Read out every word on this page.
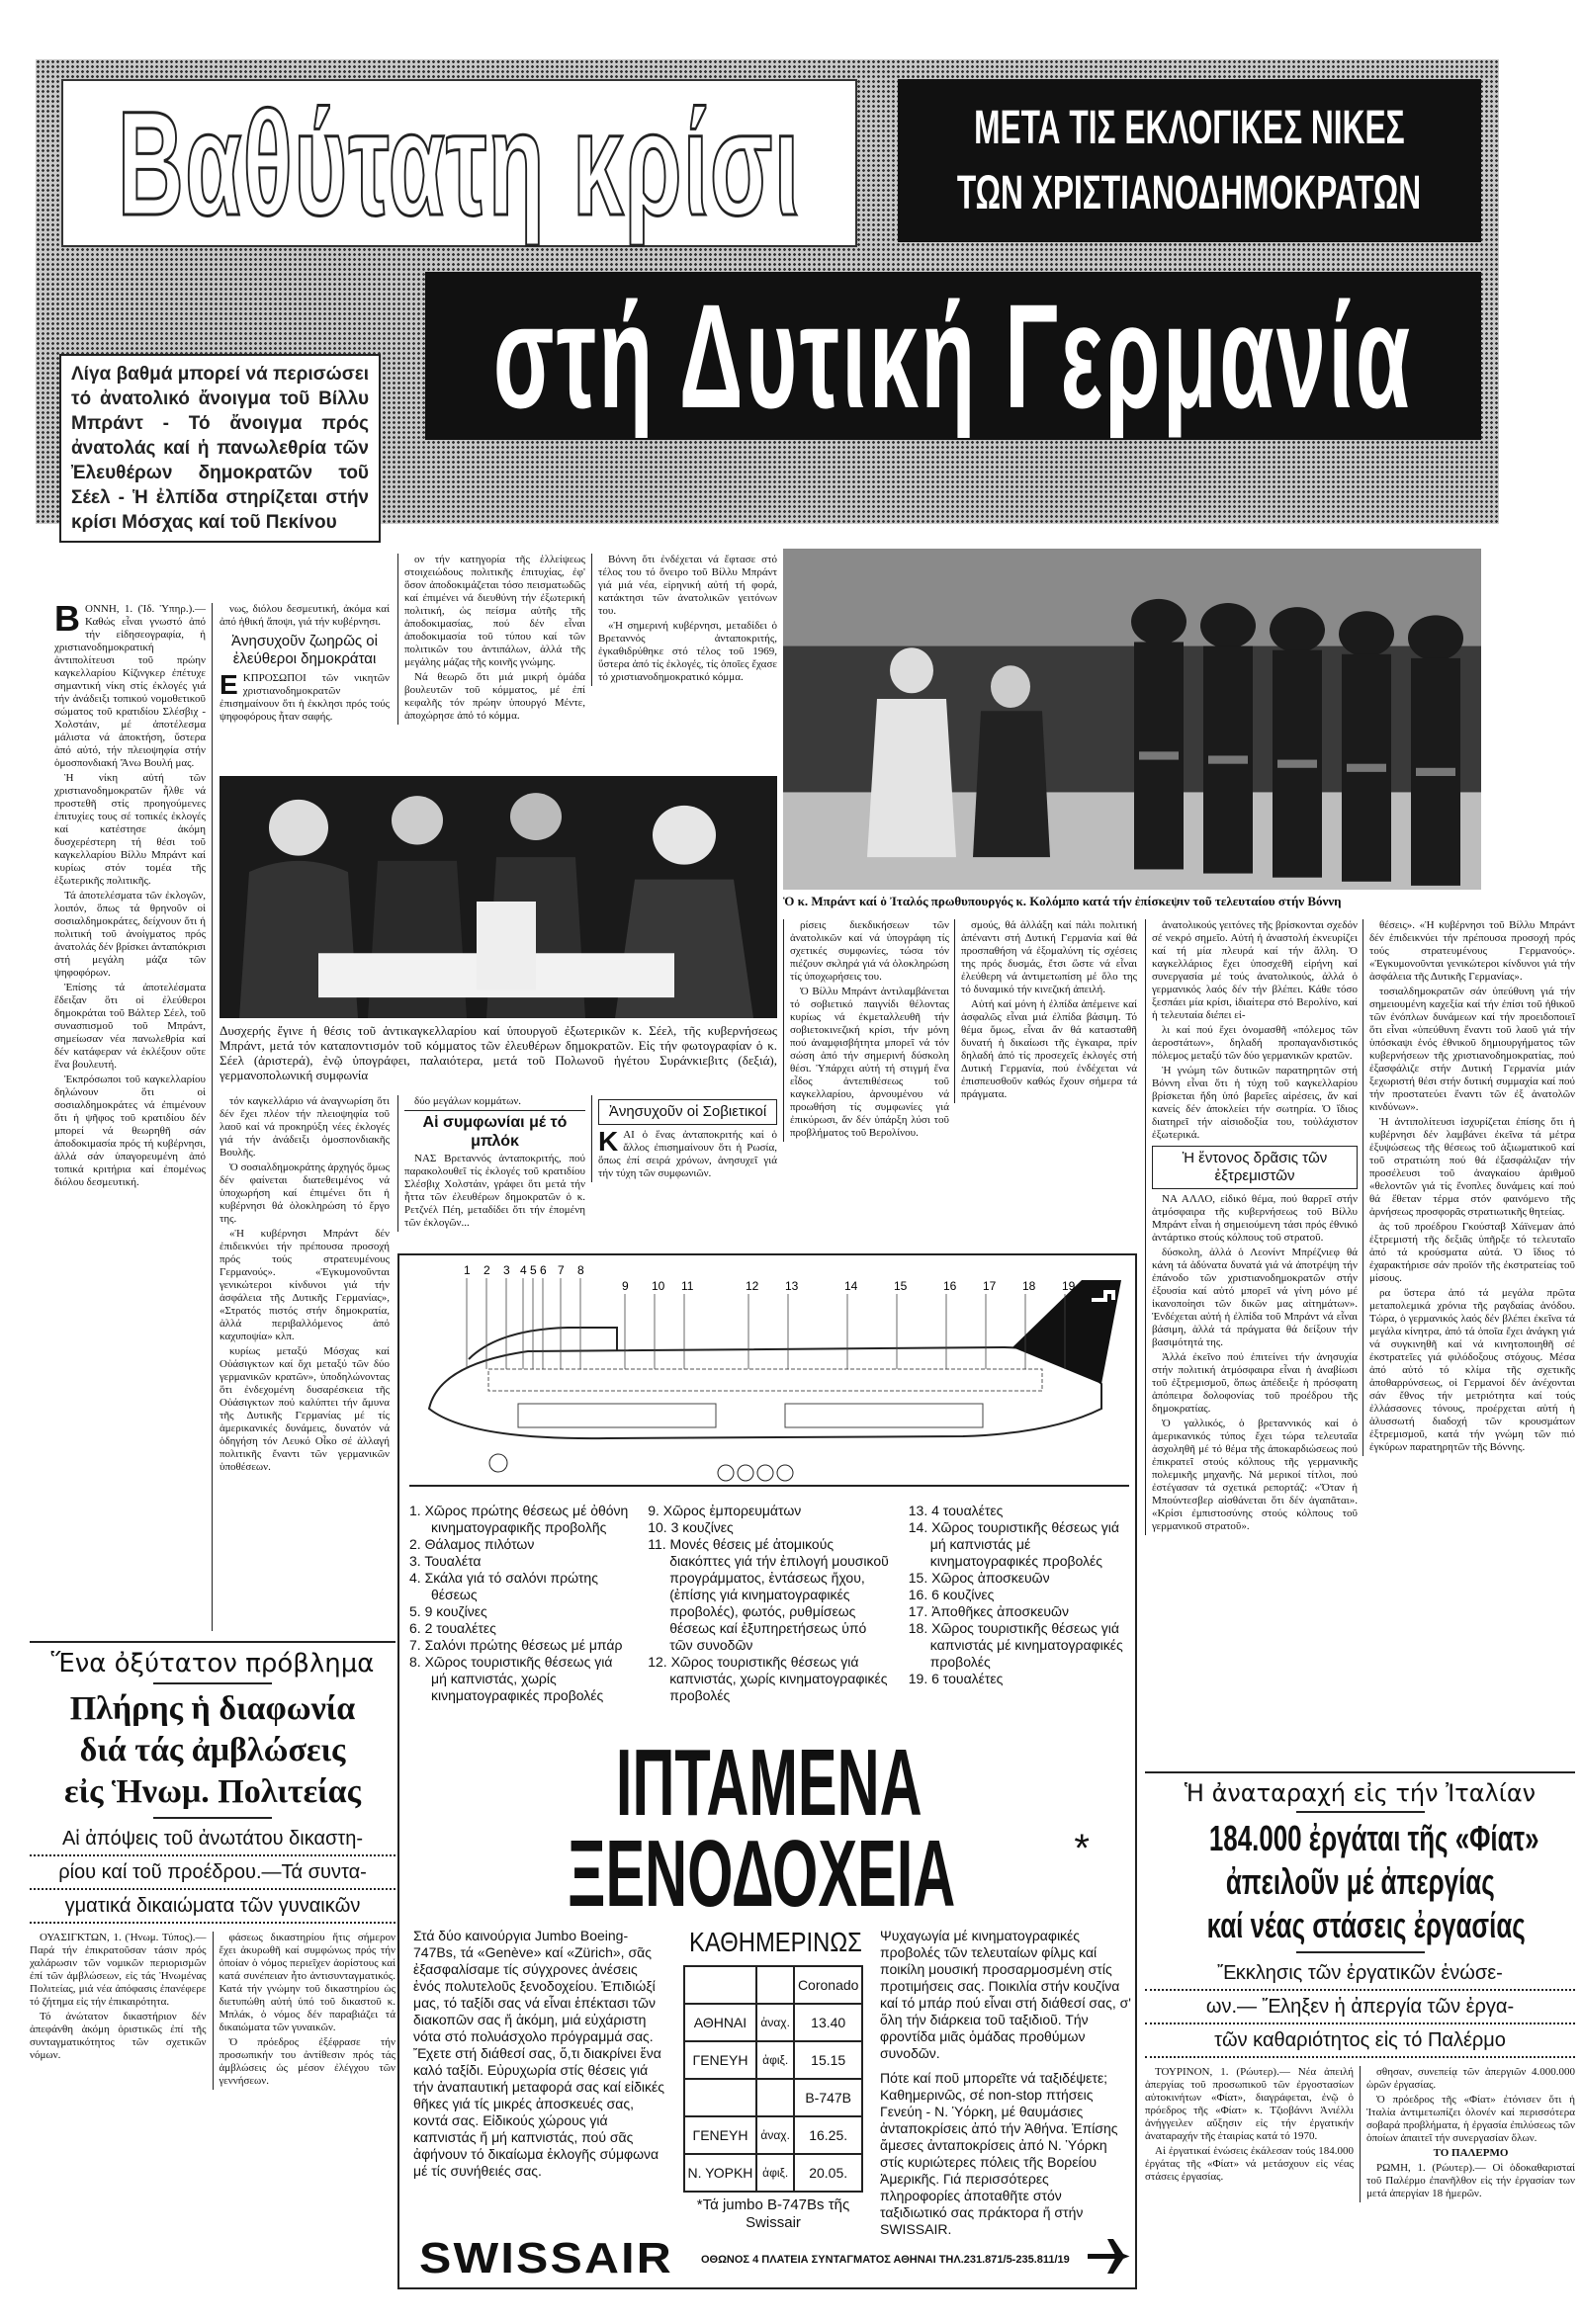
Βαθύτατη κρίσι	ΜΕΤΑ ΤΙΣ ΕΚΛΟΓΙΚΕΣ ΝΙΚΕΣ
ΤΩΝ ΧΡΙΣΤΙΑΝΟΔΗΜΟΚΡΑΤΩΝ
στή Δυτική Γερμανία
Λίγα βαθμά μπορεί νά περισώσει τό ἀνατολικό ἄνοιγμα τοῦ Βίλλυ Μπράντ - Τό ἄνοιγμα πρός ἀνατολάς καί ἡ πανωλεθρία τῶν Ἐλευθέρων δημοκρατῶν τοῦ Σέελ - Ἡ ἐλπίδα στηρίζεται στήν κρίσι Μόσχας καί τοῦ Πεκίνου
Β ΟΝΝΗ, 1. (Ἰδ. Ὑπηρ.).— Καθώς εἶναι γνωστό ἀπό τήν εἰδησεογραφία, ἡ χριστιανοδημοκρατική ἀντιπολίτευσι τοῦ πρώην καγκελλαρίου Κίζινγκερ ἐπέτυχε σημαντική νίκη στίς ἐκλογές γιά τήν ἀνάδειξι τοπικού νομοθετικοῦ σώματος τοῦ κρατιδίου Σλέσβιχ - Χολστάιν, μέ ἀποτέλεσμα μάλιστα νά ἀποκτήση, ὕστερα ἀπό αὐτό, τήν πλειοψηφία στήν ὁμοσπονδιακή Ἄνω Βουλή μας.

Ἡ νίκη αὐτή τῶν χριστιανοδημοκρατῶν ἦλθε νά προστεθῆ στίς προηγούμενες ἐπιτυχίες τους σέ τοπικές ἐκλογές καί κατέστησε ἀκόμη δυσχερέστερη τή θέσι τοῦ καγκελλαρίου Βίλλυ Μπράντ καί κυρίως στόν τομέα τῆς ἐξωτερικῆς πολιτικῆς.

Τά ἀποτελέσματα τῶν ἐκλογῶν, λοιπόν, ὅπως τά θρηνοῦν οἱ σοσιαλδημοκράτες, δείχνουν ὅτι ἡ πολιτική τοῦ ἀνοίγματος πρός ἀνατολάς δέν βρίσκει ἀνταπόκρισι στή μεγάλη μάζα τῶν ψηφοφόρων.

Ἐπίσης τά ἀποτελέσματα ἔδειξαν ὅτι οἱ ἐλεύθεροι δημοκράται τοῦ Βάλτερ Σέελ, τοῦ συνασπισμοῦ τοῦ Μπράντ, σημείωσαν νέα πανωλεθρία καί δέν κατάφεραν νά ἐκλέξουν οὔτε ἕνα βουλευτή.

Ἐκπρόσωποι τοῦ καγκελλαρίου δηλώνουν ὅτι οἱ σοσιαλδημοκράτες νά ἐπιμένουν ὅτι ἡ ψῆφος τοῦ κρατιδίου δέν μπορεί νά θεωρηθῆ σάν ἀποδοκιμασία πρός τή κυβέρνησι, ἀλλά σάν ὑπαγορευμένη ἀπό τοπικά κριτήρια καί ἐπομένως διόλου δεσμευτική.

νως, διόλου δεσμευτική, ἀκόμα καί ἀπό ἠθική ἄποψι, γιά τήν κυβέρνησι.

Ἀνησυχοῦν ζωηρῶς οἱ ἐλεύθεροι δημοκράται
Ε ΚΠΡΟΣΩΠΟΙ τῶν νικητῶν χριστιανοδημοκρατῶν ἐπισημαίνουν ὅτι ἡ ἐκκλησι πρός τούς ψηφοφόρους ἦταν σαφής.

ον τήν κατηγορία τῆς ἑλλείψεως στοιχειώδους πολιτικῆς ἐπιτυχίας, ἐφ' ὅσον ἀποδοκιμάζεται τόσο πεισματωδῶς καί ἐπιμένει νά διευθύνη τήν ἐξωτερική πολιτική, ὡς πείσμα αὐτῆς τῆς ἀποδοκιμασίας, πού δέν εἶναι ἀποδοκιμασία τοῦ τύπου καί τῶν πολιτικῶν του ἀντιπάλων, ἀλλά τῆς μεγάλης μάζας τῆς κοινῆς γνώμης.

Νά θεωρῶ ὅτι μιά μικρή ὁμάδα βουλευτῶν τοῦ κόμματος, μέ ἐπί κεφαλῆς τόν πρώην ὑπουργό Μέντε, ἀποχώρησε ἀπό τό κόμμα.

Βόννη ὅτι ἐνδέχεται νά ἔφτασε στό τέλος του τό ὄνειρο τοῦ Βίλλυ Μπράντ γιά μιά νέα, εἰρηνική αὐτή τή φορά, κατάκτησι τῶν ἀνατολικῶν γειτόνων του.

«Ἡ σημερινή κυβέρνησι, μεταδίδει ὁ Βρεταννός ἀνταποκριτής, ἐγκαθιδρύθηκε στό τέλος τοῦ 1969, ὕστερα ἀπό τίς ἐκλογές, τίς ὁποῖες ἔχασε τό χριστιανοδημοκρατικό κόμμα.

Δυσχερής ἔγινε ἡ θέσις τοῦ ἀντικαγκελλαρίου καί ὑπουργοῦ ἐξωτερικῶν κ. Σέελ, τῆς κυβερνήσεως Μπράντ, μετά τόν καταποντισμόν τοῦ κόμματος τῶν ἐλευθέρων δημοκρατῶν. Εἰς τήν φωτογραφίαν ὁ κ. Σέελ (ἀριστερά), ἐνῷ ὑπογράφει, παλαιότερα, μετά τοῦ Πολωνοῦ ἡγέτου Συράνκιεβιτς (δεξιά), γερμανοπολωνική συμφωνία

τόν καγκελλάριο νά ἀναγνωρίση ὅτι δέν ἔχει πλέον τήν πλειοψηφία τοῦ λαοῦ καί νά προκηρύξη νέες ἐκλογές γιά τήν ἀνάδειξι ὁμοσπονδιακῆς Βουλῆς.

Ὁ σοσιαλδημοκράτης ἀρχηγός ὅμως δέν φαίνεται διατεθειμένος νά ὑποχωρήση καί ἐπιμένει ὅτι ἡ κυβέρνησι θά ὁλοκληρώση τό ἔργο της.

«Ἡ κυβέρνησι Μπράντ δέν ἐπιδεικνύει τήν πρέπουσα προσοχή πρός τούς στρατευμένους Γερμανούς». «Ἐγκυμονοῦνται γενικώτεροι κίνδυνοι γιά τήν ἀσφάλεια τῆς Δυτικῆς Γερμανίας», «Στρατός πιστός στήν δημοκρατία, ἀλλά περιβαλλόμενος ἀπό καχυποψία» κλπ.

κυρίως μεταξύ Μόσχας καί Οὐάσιγκτων καί ὄχι μεταξύ τῶν δύο γερμανικῶν κρατῶν», ὑποδηλώνοντας ὅτι ἐνδεχομένη δυσαρέσκεια τῆς Οὐάσιγκτων πού καλύπτει τήν ἄμυνα τῆς Δυτικῆς Γερμανίας μέ τίς ἀμερικανικές δυνάμεις, δυνατόν νά ὁδηγήση τόν Λευκό Οἶκο σέ ἀλλαγή πολιτικῆς ἔναντι τῶν γερμανικῶν ὑποθέσεων.

δύο μεγάλων κομμάτων.

Αἱ συμφωνίαι μέ τό μπλόκ

ΝΑΣ Βρεταννός ἀνταποκριτής, πού παρακολουθεῖ τίς ἐκλογές τοῦ κρατιδίου Σλέσβιχ Χολστάιν, γράφει ὅτι μετά τήν ἧττα τῶν ἐλευθέρων δημοκρατῶν ὁ κ. Ρετζνέλ Πέη, μεταδίδει ὅτι τήν ἐπομένη τῶν ἐκλογῶν...

Ἀνησυχοῦν οἱ Σοβιετικοί
Κ ΑΙ ὁ ἕνας ἀνταποκριτής καί ὁ ἄλλος ἐπισημαίνουν ὅτι ἡ Ρωσία, ὅπως ἐπί σειρά χρόνων, ἀνησυχεῖ γιά τήν τύχη τῶν συμφωνιῶν.

Ὁ κ. Μπράντ καί ὁ Ἰταλός πρωθυπουργός κ. Κολόμπο κατά τήν ἐπίσκεψιν τοῦ τελευταίου στήν Βόννη

ρίσεις διεκδικήσεων τῶν ἀνατολικῶν καί νά ὑπογράφη τίς σχετικές συμφωνίες, τώσα τόν πιέζουν σκληρά γιά νά ὁλοκληρώση τίς ὑποχωρήσεις του.

Ὁ Βίλλυ Μπράντ ἀντιλαμβάνεται τό σοβιετικό παιγνίδι θέλοντας κυρίως νά ἐκμεταλλευθῆ τήν σοβιετοκινεζική κρίσι, τήν μόνη πού ἀναμφισβήτητα μπορεῖ νά τόν σώση ἀπό τήν σημερινή δύσκολη θέσι. Ὑπάρχει αὐτή τή στιγμή ἕνα εἶδος ἀντεπιθέσεως τοῦ καγκελλαρίου, ἀρνουμένου νά προωθήση τίς συμφωνίες γιά ἐπικύρωσι, ἄν δέν ὑπάρξη λύσι τοῦ προβλήματος τοῦ Βερολίνου.

σμούς, θά ἀλλάξη καί πάλι πολιτική ἀπέναντι στή Δυτική Γερμανία καί θά προσπαθήση νά ἐξομαλύνη τίς σχέσεις της πρός δυσμάς, ἔτσι ὥστε νά εἶναι ἐλεύθερη νά ἀντιμετωπίση μέ ὅλο της τό δυναμικό τήν κινεζική ἀπειλή.

Αὐτή καί μόνη ἡ ἐλπίδα ἀπέμεινε καί ἀσφαλῶς εἶναι μιά ἐλπίδα βάσιμη. Τό θέμα ὅμως, εἶναι ἄν θά κατασταθῆ δυνατή ἡ δικαίωσι τῆς ἐγκαιρα, πρίν δηλαδή ἀπό τίς προσεχεῖς ἐκλογές στή Δυτική Γερμανία, πού ἐνδέχεται νά ἐπισπευσθοῦν καθώς ἔχουν σήμερα τά πράγματα.

ἀνατολικούς γειτόνες τῆς βρίσκονται σχεδόν σέ νεκρό σημεῖο. Αὐτή ἡ ἀναστολή ἐκνευρίζει καί τή μία πλευρά καί τήν ἄλλη. Ὁ καγκελλάριος ἔχει ὑποσχεθῆ εἰρήνη καί συνεργασία μέ τούς ἀνατολικούς, ἀλλά ὁ γερμανικός λαός δέν τήν βλέπει. Κάθε τόσο ξεσπάει μία κρίσι, ἰδιαίτερα στό Βερολίνο, καί ἡ τελευταία διέπει εἰ-

λι καί πού ἔχει ὀνομασθῆ «πόλεμος τῶν ἀεροστάτων», δηλαδή προπαγανδιστικός πόλεμος μεταξύ τῶν δύο γερμανικῶν κρατῶν.

Ἡ γνώμη τῶν δυτικῶν παρατηρητῶν στή Βόννη εἶναι ὅτι ἡ τύχη τοῦ καγκελλαρίου βρίσκεται ἤδη ὑπό βαρεῖες αἱρέσεις, ἄν καί κανείς δέν ἀποκλείει τήν σωτηρία. Ὁ ἴδιος διατηρεῖ τήν αἰσιοδοξία του, τοὐλάχιστον ἐξωτερικά.

Ἡ ἔντονος δρᾶσις τῶν ἐξτρεμιστῶν

ΝΑ ΑΛΛΟ, εἰδικό θέμα, πού θαρρεῖ στήν ἀτμόσφαιρα τῆς κυβερνήσεως τοῦ Βίλλυ Μπράντ εἶναι ἡ σημειούμενη τάσι πρός ἐθνικό ἀντάρτικο στούς κόλπους τοῦ στρατοῦ.

δύσκολη, ἀλλά ὁ Λεονίντ Μπρέζνιεφ θά κάνη τά ἀδύνατα δυνατά γιά νά ἀποτρέψη τήν ἐπάνοδο τῶν χριστιανοδημοκρατῶν στήν ἐξουσία καί αὐτό μπορεῖ νά γίνη μόνο μέ ἱκανοποίησι τῶν δικῶν μας αἰτημάτων». Ἐνδέχεται αὐτή ἡ ἐλπίδα τοῦ Μπράντ νά εἶναι βάσιμη, ἀλλά τά πράγματα θά δείξουν τήν βασιμότητά της.

Ἀλλά ἐκεῖνο πού ἐπιτείνει τήν ἀνησυχία στήν πολιτική ἀτμόσφαιρα εἶναι ἡ ἀναβίωσι τοῦ ἐξτρεμισμοῦ, ὅπως ἀπέδειξε ἡ πρόσφατη ἀπόπειρα δολοφονίας τοῦ προέδρου τῆς δημοκρατίας.

Ὁ γαλλικός, ὁ βρεταννικός καί ὁ ἀμερικανικός τύπος ἔχει τώρα τελευταῖα ἀσχοληθῆ μέ τό θέμα τῆς ἀποκαρδιώσεως πού ἐπικρατεῖ στούς κόλπους τῆς γερμανικῆς πολεμικῆς μηχανῆς. Νά μερικοί τίτλοι, πού ἐστέγασαν τά σχετικά ρεπορτάζ: «Ὅταν ἡ Μπούντεσβερ αἰσθάνεται ὅτι δέν ἀγαπᾶται». «Κρίσι ἐμπιστοσύνης στούς κόλπους τοῦ γερμανικοῦ στρατοῦ».

θέσεις». «Ἡ κυβέρνησι τοῦ Βίλλυ Μπράντ δέν ἐπιδεικνύει τήν πρέπουσα προσοχή πρός τούς στρατευμένους Γερμανούς». «Ἐγκυμονοῦνται γενικώτεροι κίνδυνοι γιά τήν ἀσφάλεια τῆς Δυτικῆς Γερμανίας».

τοσιαλδημοκρατῶν σάν ὑπεύθυνη γιά τήν σημειουμένη καχεξία καί τήν ἐπίσι τοῦ ἠθικοῦ τῶν ἐνόπλων δυνάμεων καί τήν προειδοποιεῖ ὅτι εἶναι «ὑπεύθυνη ἔναντι τοῦ λαοῦ γιά τήν ὑπόσκαψι ἑνός ἐθνικοῦ δημιουργήματος τῶν κυβερνήσεων τῆς χριστιανοδημοκρατίας, πού ἐξασφάλιζε στήν Δυτική Γερμανία μιάν ξεχωριστή θέσι στήν δυτική συμμαχία καί πού τήν προστατεύει ἔναντι τῶν ἐξ ἀνατολῶν κινδύνων».

Ἡ ἀντιπολίτευσι ἰσχυρίζεται ἐπίσης ὅτι ἡ κυβέρνησι δέν λαμβάνει ἐκεῖνα τά μέτρα ἐξυψώσεως τῆς θέσεως τοῦ ἀξιωματικοῦ καί τοῦ στρατιώτη πού θά ἐξασφάλιζαν τήν προσέλευσι τοῦ ἀναγκαίου ἀριθμοῦ «θελοντῶν γιά τίς ἔνοπλες δυνάμεις καί πού θά ἔθεταν τέρμα στόν φαινόμενο τῆς ἀρνήσεως προσφορᾶς στρατιωτικῆς θητείας.

ἀς τοῦ προέδρου Γκούσταβ Χάϊνεμαν ἀπό ἐξτρεμιστή τῆς δεξιᾶς ὑπῆρξε τό τελευταῖο ἀπό τά κρούσματα αὐτά. Ὁ ἴδιος τό ἐχαρακτήρισε σάν προϊόν τῆς ἐκστρατείας τοῦ μίσους.

ρα ὕστερα ἀπό τά μεγάλα πρῶτα μεταπολεμικά χρόνια τῆς ραγδαίας ἀνόδου. Τώρα, ὁ γερμανικός λαός δέν βλέπει ἐκεῖνα τά μεγάλα κίνητρα, ἀπό τά ὁποῖα ἔχει ἀνάγκη γιά νά συγκινηθῆ καί νά κινητοποιηθῆ σέ ἐκστρατεῖες γιά φιλόδοξους στόχους. Μέσα ἀπό αὐτό τό κλίμα τῆς σχετικῆς ἀποθαρρύνσεως, οἱ Γερμανοί δέν ἀνέχονται σάν ἔθνος τήν μετριότητα καί τούς ἐλλάσσονες τόνους, προέρχεται αὐτή ἡ ἁλυσσωτή διαδοχή τῶν κρουσμάτων ἐξτρεμισμοῦ, κατά τήν γνώμη τῶν πιό ἐγκύρων παρατηρητῶν τῆς Βόννης.

Ἕνα ὀξύτατον πρόβλημα
Πλήρης ἡ διαφωνία
διά τάς ἀμβλώσεις
εἰς Ἡνωμ. Πολιτείας
Αἱ ἀπόψεις τοῦ ἀνωτάτου δικαστη-
ρίου καί τοῦ προέδρου.—Τά συντα-
γματικά δικαιώματα τῶν γυναικῶν

ΟΥΑΣΙΓΚΤΩΝ, 1. (Ἡνωμ. Τύπος).— Παρά τήν ἐπικρατοῦσαν τάσιν πρός χαλάρωσιν τῶν νομικῶν περιορισμῶν ἐπί τῶν ἀμβλώσεων, εἰς τάς Ἡνωμένας Πολιτείας, μιά νέα ἀπόφασις ἐπανέφερε τό ζήτημα εἰς τήν ἐπικαιρότητα.

Τό ἀνώτατον δικαστήριον δέν ἀπεφάνθη ἀκόμη ὁριστικῶς ἐπί τῆς συνταγματικότητος τῶν σχετικῶν νόμων.

φάσεως δικαστηρίου ἥτις σήμερον ἔχει ἀκυρωθῆ καί συμφώνως πρός τήν ὁποίαν ὁ νόμος περιεῖχεν ἀορίστους καί κατά συνέπειαν ἦτο ἀντισυνταγματικός. Κατά τήν γνώμην τοῦ δικαστηρίου ὡς διετυπώθη αὐτή ὑπό τοῦ δικαστοῦ κ. Μπλάκ, ὁ νόμος δέν παραβιάζει τά δικαιώματα τῶν γυναικῶν.

Ὁ πρόεδρος ἐξέφρασε τήν προσωπικήν του ἀντίθεσιν πρός τάς ἀμβλώσεις ὡς μέσον ἐλέγχου τῶν γεννήσεων.

Ἡ ἀναταραχή εἰς τήν Ἰταλίαν
184.000 ἐργάται τῆς «Φίατ»
ἀπειλοῦν μέ ἀπεργίας
καί νέας στάσεις ἐργασίας
Ἔκκλησις τῶν ἐργατικῶν ἑνώσε-
ων.— Ἔληξεν ἡ ἀπεργία τῶν ἐργα-
τῶν καθαριότητος εἰς τό Παλέρμο

ΤΟΥΡΙΝΟΝ, 1. (Ρώυτερ).— Νέα ἀπειλή ἀπεργίας τοῦ προσωπικοῦ τῶν ἐργοστασίων αὐτοκινήτων «Φίατ», διαγράφεται, ἐνῷ ὁ πρόεδρος τῆς «Φίατ» κ. Τζιοβάννι Ἀνιέλλι ἀνήγγειλεν αὔξησιν εἰς τήν ἐργατικήν ἀναταραχήν τῆς ἐταιρίας κατά τό 1970.

Αἱ ἐργατικαί ἑνώσεις ἐκάλεσαν τούς 184.000 ἐργάτας τῆς «Φίατ» νά μετάσχουν εἰς νέας στάσεις ἐργασίας.

σθησαν, συνεπείᾳ τῶν ἀπεργιῶν 4.000.000 ὡρῶν ἐργασίας.

Ὁ πρόεδρος τῆς «Φίατ» ἐτόνισεν ὅτι ἡ Ἰταλία ἀντιμετωπίζει ὁλονέν καί περισσότερα σοβαρά προβλήματα, ἡ ἐργασία ἐπιλύσεως τῶν ὁποίων ἀπαιτεῖ τήν συνεργασίαν ὅλων.

ΤΟ ΠΑΛΕΡΜΟ

ΡΩΜΗ, 1. (Ρώυτερ).— Οἱ ὁδοκαθαρισταί τοῦ Παλέρμο ἐπανῆλθον εἰς τήν ἐργασίαν των μετά ἀπεργίαν 18 ἡμερῶν.

1 2 3 4 5 6 7 8
9 10 11	12 13	14	15	16 17 18 19
1. Χῶρος πρώτης θέσεως μέ ὀθόνη κινηματογραφικῆς προβολῆς
2. Θάλαμος πιλότων
3. Τουαλέτα
4. Σκάλα γιά τό σαλόνι πρώτης θέσεως
5. 9 κουζίνες
6. 2 τουαλέτες
7. Σαλόνι πρώτης θέσεως μέ μπάρ
8. Χῶρος τουριστικῆς θέσεως γιά μή καπνιστάς, χωρίς κινηματογραφικές προβολές
9. Χῶρος ἐμπορευμάτων
10. 3 κουζίνες
11. Μονές θέσεις μέ ἀτομικούς διακόπτες γιά τήν ἐπιλογή μουσικοῦ προγράμματος, ἐντάσεως ἤχου, (ἐπίσης γιά κινηματογραφικές προβολές), φωτός, ρυθμίσεως θέσεως καί ἐξυπηρετήσεως ὑπό τῶν συνοδῶν
12. Χῶρος τουριστικῆς θέσεως γιά καπνιστάς, χωρίς κινηματογραφικές προβολές
13. 4 τουαλέτες
14. Χῶρος τουριστικῆς θέσεως γιά μή καπνιστάς μέ κινηματογραφικές προβολές
15. Χῶρος ἀποσκευῶν
16. 6 κουζίνες
17. Ἀποθῆκες ἀποσκευῶν
18. Χῶρος τουριστικῆς θέσεως γιά καπνιστάς μέ κινηματογραφικές προβολές
19. 6 τουαλέτες
ΙΠΤΑΜΕΝΑ
ΞΕΝΟΔΟΧΕΙΑ	*
Στά δύο καινούργια Jumbo Boeing-747Bs, τά «Genève» καί «Zürich», σᾶς ἐξασφαλίσαμε τίς σύγχρονες ἀνέσεις ἑνός πολυτελοῦς ξενοδοχείου. Ἐπιδιώξί μας, τό ταξίδι σας νά εἶναι ἐπέκτασι τῶν διακοπῶν σας ἤ ἀκόμη, μιά εὐχάριστη νότα στό πολυάσχολο πρόγραμμά σας. Ἔχετε στή διάθεσί σας, ὅ,τι διακρίνει ἕνα καλό ταξίδι. Εὐρυχωρία στίς θέσεις γιά τήν ἀναπαυτική μεταφορά σας καί εἰδικές θῆκες γιά τίς μικρές ἀποσκευές σας, κοντά σας. Εἰδικούς χώρους γιά καπνιστάς ἤ μή καπνιστάς, πού σᾶς ἀφήνουν τό δικαίωμα ἐκλογῆς σύμφωνα μέ τίς συνήθειές σας.
ΚΑΘΗΜΕΡΙΝΩΣ
		Coronado
ΑΘΗΝΑΙ	ἀναχ.	13.40
ΓΕΝΕΥΗ	ἀφιξ.	15.15
		B-747B
ΓΕΝΕΥΗ	ἀναχ.	16.25.
Ν. ΥΟΡΚΗ	ἀφιξ.	20.05.
*Τά jumbo B-747Bs τῆς Swissair

Ψυχαγωγία μέ κινηματογραφικές προβολές τῶν τελευταίων φίλμς καί ποικίλη μουσική προσαρμοσμένη στίς προτιμήσεις σας. Ποικιλία στήν κουζίνα καί τό μπάρ πού εἶναι στή διάθεσί σας, σ' ὅλη τήν διάρκεια τοῦ ταξιδιοῦ. Τήν φροντίδα μιᾶς ὁμάδας προθύμων συνοδῶν.

Πότε καί ποῦ μπορεῖτε νά ταξιδέψετε; Καθημερινῶς, σέ non-stop πτήσεις Γενεύη - Ν. Ὑόρκη, μέ θαυμάσιες ἀνταποκρίσεις ἀπό τήν Ἀθήνα. Ἐπίσης ἄμεσες ἀνταποκρίσεις ἀπό Ν. Ὑόρκη στίς κυριώτερες πόλεις τῆς Βορείου Ἀμερικῆς. Γιά περισσότερες πληροφορίες ἀποταθῆτε στόν ταξιδιωτικό σας πράκτορα ἤ στήν SWISSAIR.

SWISSAIR	ΟΘΩΝΟΣ 4 ΠΛΑΤΕΙΑ ΣΥΝΤΑΓΜΑΤΟΣ ΑΘΗΝΑΙ ΤΗΛ.231.871/5-235.811/19
